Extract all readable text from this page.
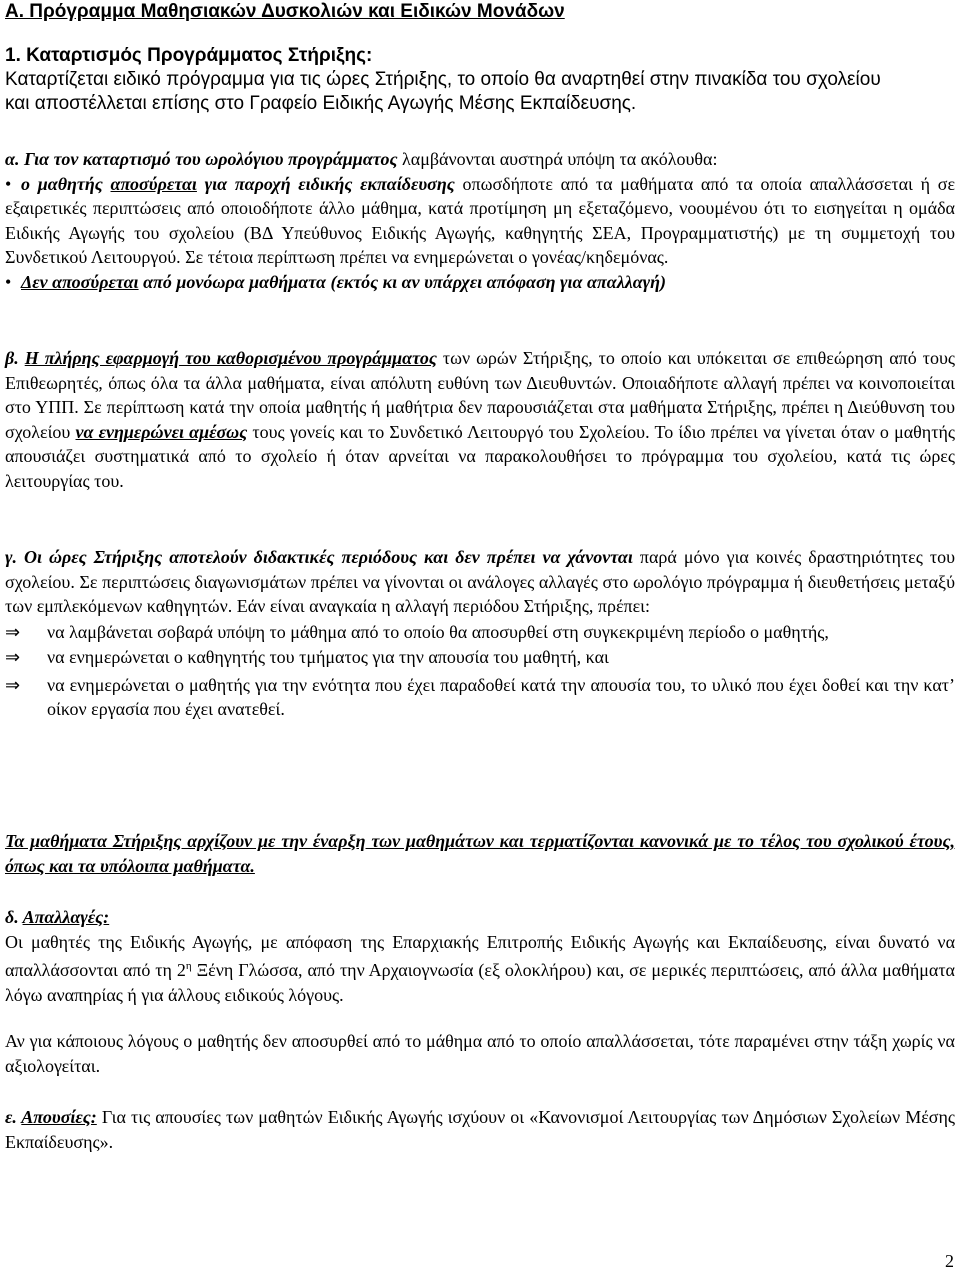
Α. Πρόγραμμα Μαθησιακών Δυσκολιών και Ειδικών Μονάδων
1. Καταρτισμός Προγράμματος Στήριξης:
Καταρτίζεται ειδικό πρόγραμμα για τις ώρες Στήριξης, το οποίο θα αναρτηθεί στην πινακίδα του σχολείου
και αποστέλλεται επίσης στο Γραφείο Ειδικής Αγωγής Μέσης Εκπαίδευσης.

α. Για τον καταρτισμό του ωρολόγιου προγράμματος λαμβάνονται αυστηρά υπόψη τα ακόλουθα:

• ο μαθητής αποσύρεται για παροχή ειδικής εκπαίδευσης οπωσδήποτε από τα μαθήματα από τα οποία απαλλάσσεται ή σε εξαιρετικές περιπτώσεις από οποιοδήποτε άλλο μάθημα, κατά προτίμηση μη εξεταζόμενο, νοουμένου ότι το εισηγείται η ομάδα Ειδικής Αγωγής του σχολείου (ΒΔ Υπεύθυνος Ειδικής Αγωγής, καθηγητής ΣΕΑ, Προγραμματιστής) με τη συμμετοχή του Συνδετικού Λειτουργού. Σε τέτοια περίπτωση πρέπει να ενημερώνεται ο γονέας/κηδεμόνας.

• Δεν αποσύρεται από μονόωρα μαθήματα (εκτός κι αν υπάρχει απόφαση για απαλλαγή)

β. Η πλήρης εφαρμογή του καθορισμένου προγράμματος των ωρών Στήριξης, το οποίο και υπόκειται σε επιθεώρηση από τους Επιθεωρητές, όπως όλα τα άλλα μαθήματα, είναι απόλυτη ευθύνη των Διευθυντών. Οποιαδήποτε αλλαγή πρέπει να κοινοποιείται στο ΥΠΠ. Σε περίπτωση κατά την οποία μαθητής ή μαθήτρια δεν παρουσιάζεται στα μαθήματα Στήριξης, πρέπει η Διεύθυνση του σχολείου να ενημερώνει αμέσως τους γονείς και το Συνδετικό Λειτουργό του Σχολείου. Το ίδιο πρέπει να γίνεται όταν ο μαθητής απουσιάζει συστηματικά από το σχολείο ή όταν αρνείται να παρακολουθήσει το πρόγραμμα του σχολείου, κατά τις ώρες λειτουργίας του.

γ. Οι ώρες Στήριξης αποτελούν διδακτικές περιόδους και δεν πρέπει να χάνονται παρά μόνο για κοινές δραστηριότητες του σχολείου. Σε περιπτώσεις διαγωνισμάτων πρέπει να γίνονται οι ανάλογες αλλαγές στο ωρολόγιο πρόγραμμα ή διευθετήσεις μεταξύ των εμπλεκόμενων καθηγητών. Εάν είναι αναγκαία η αλλαγή περιόδου Στήριξης, πρέπει:

⇒ να λαμβάνεται σοβαρά υπόψη το μάθημα από το οποίο θα αποσυρθεί στη συγκεκριμένη περίοδο ο μαθητής,

⇒ να ενημερώνεται ο καθηγητής του τμήματος για την απουσία του μαθητή, και

⇒ να ενημερώνεται ο μαθητής για την ενότητα που έχει παραδοθεί κατά την απουσία του, το υλικό που έχει δοθεί και την κατ’ οίκον εργασία που έχει ανατεθεί.

Τα μαθήματα Στήριξης αρχίζουν με την έναρξη των μαθημάτων και τερματίζονται κανονικά με το τέλος του σχολικού έτους, όπως και τα υπόλοιπα μαθήματα.

δ. Απαλλαγές:

Οι μαθητές της Ειδικής Αγωγής, με απόφαση της Επαρχιακής Επιτροπής Ειδικής Αγωγής και Εκπαίδευσης, είναι δυνατό να απαλλάσσονται από τη $2^\eta$ Ξένη Γλώσσα, από την Αρχαιογνωσία (εξ ολοκλήρου) και, σε μερικές περιπτώσεις, από άλλα μαθήματα λόγω αναπηρίας ή για άλλους ειδικούς λόγους.

Αν για κάποιους λόγους ο μαθητής δεν αποσυρθεί από το μάθημα από το οποίο απαλλάσσεται, τότε παραμένει στην τάξη χωρίς να αξιολογείται.

ε. Απουσίες: Για τις απουσίες των μαθητών Ειδικής Αγωγής ισχύουν οι «Κανονισμοί Λειτουργίας των Δημόσιων Σχολείων Μέσης Εκπαίδευσης».

2
